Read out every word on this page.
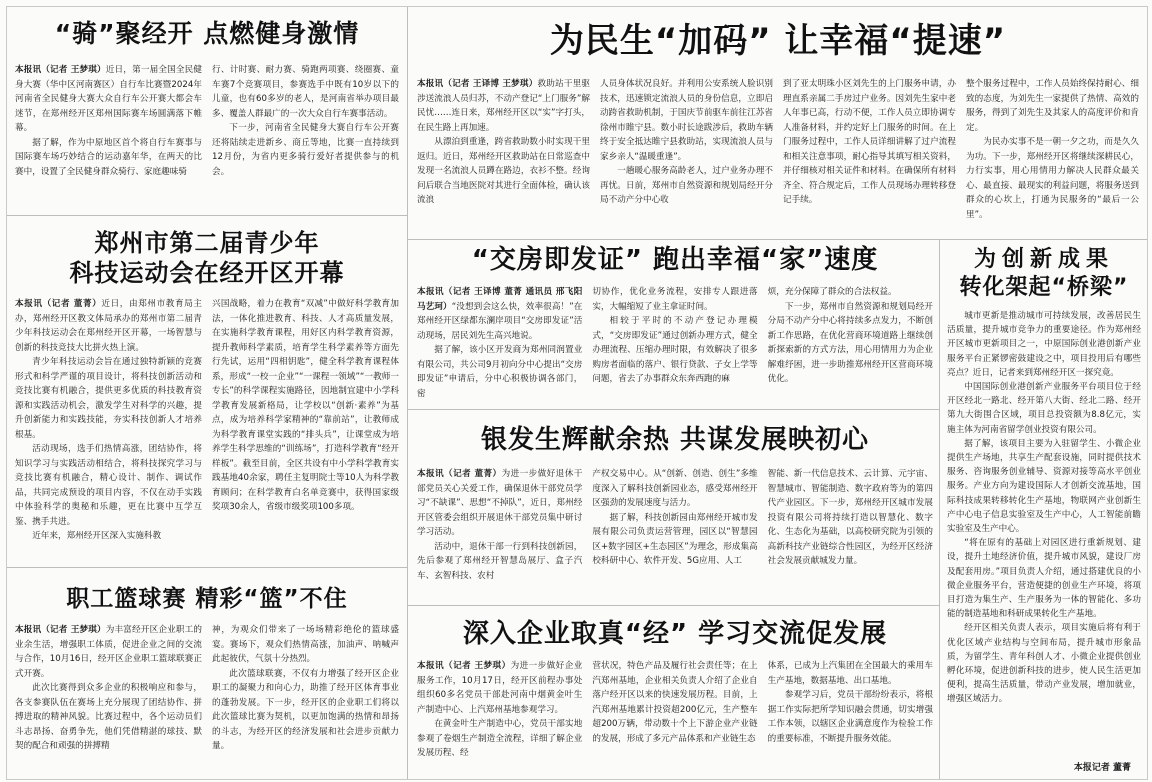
“骑”聚经开 点燃健身激情

本报讯（记者 王梦琪）近日，第一届全国全民健身大赛（华中区河南赛区）自行车比赛暨2024年河南省全民健身大赛大众自行车公开赛大都会车迷节，在郑州经开区郑州国际赛车场圆满落下帷幕。

据了解，作为中原地区首个将自行车赛事与国际赛车场巧妙结合的运动嘉年华，在两天的比赛中，设置了全民健身群众骑行、家庭趣味骑

行、计时赛、耐力赛、骑跑两项赛、绕圈赛、童车赛7个竞赛项目，参赛选手中既有10岁以下的儿童，也有60多岁的老人，是河南省举办项目最多、覆盖人群最广的一次大众自行车赛事活动。

下一步，河南省全民健身大赛自行车公开赛还将陆续走进新乡、商丘等地，比赛一直持续到12月份，为省内更多骑行爱好者提供参与的机会。

郑州市第二届青少年
科技运动会在经开区开幕

本报讯（记者 董菁）近日，由郑州市教育局主办，郑州经开区教文体局承办的郑州市第二届青少年科技运动会在郑州经开区开幕，一场智慧与创新的科技竞技大比拼火热上演。

青少年科技运动会旨在通过独特新颖的竞赛形式和科学严谨的项目设计，将科技创新活动和竞技比赛有机融合，提供更多优质的科技教育资源和实践活动机会，激发学生对科学的兴趣，提升创新能力和实践技能，夯实科技创新人才培养根基。

活动现场，选手们热情高涨，团结协作，将知识学习与实践活动相结合，将科技探究学习与竞技比赛有机融合，精心设计、制作、调试作品，共同完成预设的项目内容，不仅在动手实践中体验科学的奥秘和乐趣，更在比赛中互学互鉴、携手共进。

近年来，郑州经开区深入实施科教

兴国战略，着力在教育“双减”中做好科学教育加法，一体化推进教育、科技、人才高质量发展，在实施科学教育课程，用好区内科学教育资源，提升教师科学素质，培育学生科学素养等方面先行先试，运用“四相钥匙”，健全科学教育课程体系，形成“一校一企业”“一课程一领域”“一教师一专长”的科学课程实施路径，因地制宜建中小学科学教育发展新格局，让学校以“创新·素养”为基点，成为培养科学家精神的“靠前站”，让教师成为科学教育课堂实践的“排头兵”，让课堂成为培养学生科学思维的“训练场”，打造科学教育“经开样板”。截至目前，全区共设有中小学科学教育实践基地40余家，聘任主复明院士等10人为科学教育顾问；在科学教育白名单竞赛中，获得国家级奖项30余人，省级市级奖项100多项。

职工篮球赛 精彩“篮”不住

本报讯（记者 王梦琪）为丰富经开区企业职工的业余生活，增强职工体质，促进企业之间的交流与合作，10月16日，经开区企业职工篮球联赛正式开赛。

此次比赛得到众多企业的积极响应和参与，各支参赛队伍在赛场上充分展现了团结协作、拼搏进取的精神风貌。比赛过程中，各个运动员们斗志昂扬、奋勇争先，他们凭借精湛的球技、默契的配合和顽强的拼搏精

神，为观众们带来了一场场精彩绝伦的篮球盛宴。赛场下，观众们热情高涨，加油声、呐喊声此起彼伏，气氛十分热烈。

此次篮球联赛，不仅有力增强了经开区企业职工的凝聚力和向心力，助推了经开区体育事业的蓬勃发展。下一步，经开区的企业职工们将以此次篮球比赛为契机，以更加饱满的热情和昂扬的斗志，为经开区的经济发展和社会进步贡献力量。

为民生“加码” 让幸福“提速”

本报讯（记者 王译博 王梦琪）救助站干里驱涉送流浪人员归苏，不动产登记“上门服务”解民忧……连日来，郑州经开区以“实”字打头，在民生路上再加速。

从漂泊到重逢，跨省救助数小时实现干里返归。近日，郑州经开区救助站在日常巡查中发现一名流浪人员蹲在路边，衣衫不整。经询问后联合当地医院对其进行全面体检，确认该流浪

人员身体状况良好。并利用公安系统人脸识别技术，迅速锁定流浪人员的身份信息，立即启动跨省救助机制，于国庆节前驱车前往江苏省徐州市睢宁县。数小时长途跋涉后，救助车辆终于安全抵达睢宁县救助站，实现流浪人员与家乡亲人“温暖重逢”。

一趟暖心服务高龄老人，过户业务办理不再忧。日前，郑州市自然资源和规划局经开分局不动产分中心收

到了亚太明珠小区刘先生的上门服务申请，办理直系亲属二手房过户业务。因刘先生家中老人年事已高，行动不便，工作人员立即协调专人准备材料，并约定好上门服务的时间。在上门服务过程中，工作人员详细讲解了过户流程和相关注意事项，耐心指导其填写相关资料，并仔细核对相关证件和材料。在确保所有材料齐全、符合规定后，工作人员现场办理转移登记手续。

整个服务过程中，工作人员始终保持耐心、细致的态度，为刘先生一家提供了热情、高效的服务，得到了刘先生及其家人的高度评价和肯定。

为民办实事不是一朝一夕之功，而是久久为功。下一步，郑州经开区将继续深耕民心，力行实事，用心用情用力解决人民群众最关心、最直接、最现实的利益问题，将服务送到群众的心坎上，打通为民服务的“最后一公里”。

“交房即发证” 跑出幸福“家”速度

本报讯（记者 王译博 董菁 通讯员 邢飞阳 马艺珂）“没想到会这么快，效率很高！”在郑州经开区绿都东澜岸项目“交房即发证”活动现场，居民刘先生高兴地说。

据了解，该小区开发商为郑州同润置业有限公司，共公司9月初向分中心提出“交房即发证”申请后，分中心积极协调各部门，密

切协作，优化业务流程，安排专人跟进落实，大幅缩短了业主拿证时间。

相较于平时的不动产登记办理模式，“交房即发证”通过创新办理方式，健全办理流程、压缩办理时限，有效解决了很多购房者面临的落户、银行贷款、子女上学等问题，省去了办事群众东奔西跑的麻

烦，充分保障了群众的合法权益。

下一步，郑州市自然资源和规划局经开分局不动产分中心将持续多点发力，不断创新工作思路，在优化营商环境道路上继续创新探索新的方式方法，用心用情用力为企业解难纾困，进一步助推郑州经开区营商环境优化。

银发生辉献余热 共谋发展映初心

本报讯（记者 董菁）为进一步做好退休干部党员关心关爱工作，确保退休干部党员学习“不缺课”、思想“不掉队”，近日，郑州经开区管委会组织开展退休干部党员集中研讨学习活动。

活动中，退休干部一行到科技创新园，先后参观了郑州经开智慧岛展厅、盒子汽车、玄智科技、农村

产权交易中心。从“创新、创造、创生”多维度深入了解科技创新园业态，感受郑州经开区强劲的发展速度与活力。

据了解，科技创新园由郑州经开城市发展有限公司负责运营管理，园区以“智慧园区+数字园区+生态园区”为理念，形成集高校科研中心、软件开发、5G应用、人工

智能、新一代信息技术、云计算、元宇宙、智慧城市、智能制造、数字政府等为的第四代产业园区。下一步，郑州经开区城市发展投资有限公司将持续打造以智慧化、数字化、生态化为基础，以高校研究院为引领的高新科技产业链综合性园区，为经开区经济社会发展贡献城发力量。

深入企业取真“经” 学习交流促发展

本报讯（记者 王梦琪）为进一步做好企业服务工作，10月17日，经开区前程办事处组织60多名党员干部赴河南中烟黄金叶生产制造中心、上汽郑州基地参观学习。

在黄金叶生产制造中心，党员干部实地参观了卷烟生产制造全流程，详细了解企业发展历程、经

营状况，特色产品及履行社会责任等；在上汽郑州基地，企业相关负责人介绍了企业自落户经开区以来的快速发展历程。目前，上汽郑州基地累计投资超200亿元，生产整车超200万辆，带动数十个上下游企业产业链的发展，形成了多元产品体系和产业链生态

体系，已成为上汽集团在全国最大的乘用车生产基地，数据基地、出口基地。

参观学习后，党员干部纷纷表示，将根据工作实际把所学知识融会贯通，切实增强工作本领，以辖区企业满意度作为检验工作的重要标准，不断提升服务效能。

为创新成果
转化架起“桥梁”

城市更新是推动城市可持续发展，改善居民生活质量，提升城市竞争力的重要途径。作为郑州经开区城市更新项目之一，中原国际创业港创新产业服务平台正紧锣密鼓建设之中，项目投用后有哪些亮点？近日，记者来到郑州经开区一探究竟。

中国国际创业港创新产业服务平台项目位于经开区经北一路北、经开第八大街、经北二路、经开第九大街围合区域，项目总投资额为8.8亿元，实施主体为河南省留学创业投资有限公司。

据了解，该项目主要为入驻留学生、小微企业提供生产场地，共享生产配套设施，同时提供技术服务、咨询服务创业辅导、资源对接等高水平创业服务。产业方向为建设国际人才创新交流基地，国际科技成果转移转化生产基地，物联网产业创新生产中心电子信息实验室及生产中心，人工智能前瞻实验室及生产中心。

“将在原有的基础上对园区进行重新规划、建设，提升土地经济价值，提升城市风貌，建设厂房及配套用房。”项目负责人介绍，通过搭建优良的小微企业服务平台，营造便捷的创业生产环境，将项目打造为集生产、生产服务为一体的智能化、多功能的制造基地和科研成果转化生产基地。

经开区相关负责人表示，项目实施后将有利于优化区域产业结构与空间布局，提升城市形象品质，为留学生、青年科创人才、小微企业提供创业孵化环境，促进创新科技的进步，使人民生活更加便利，提高生活质量，带动产业发展，增加就业，增强区域活力。

本报记者 董菁
